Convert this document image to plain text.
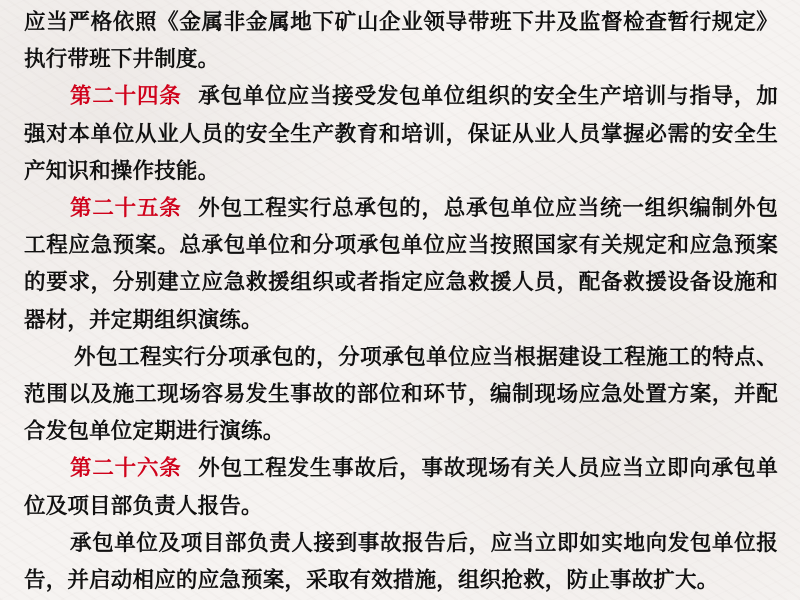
应当严格依照《金属非金属地下矿山企业领导带班下井及监督检查暂行规定》执行带班下井制度。

第二十四条 承包单位应当接受发包单位组织的安全生产培训与指导，加强对本单位从业人员的安全生产教育和培训，保证从业人员掌握必需的安全生产知识和操作技能。

第二十五条 外包工程实行总承包的，总承包单位应当统一组织编制外包工程应急预案。总承包单位和分项承包单位应当按照国家有关规定和应急预案的要求，分别建立应急救援组织或者指定应急救援人员，配备救援设备设施和器材，并定期组织演练。

外包工程实行分项承包的，分项承包单位应当根据建设工程施工的特点、范围以及施工现场容易发生事故的部位和环节，编制现场应急处置方案，并配合发包单位定期进行演练。

第二十六条 外包工程发生事故后，事故现场有关人员应当立即向承包单位及项目部负责人报告。

承包单位及项目部负责人接到事故报告后，应当立即如实地向发包单位报告，并启动相应的应急预案，采取有效措施，组织抢救，防止事故扩大。
